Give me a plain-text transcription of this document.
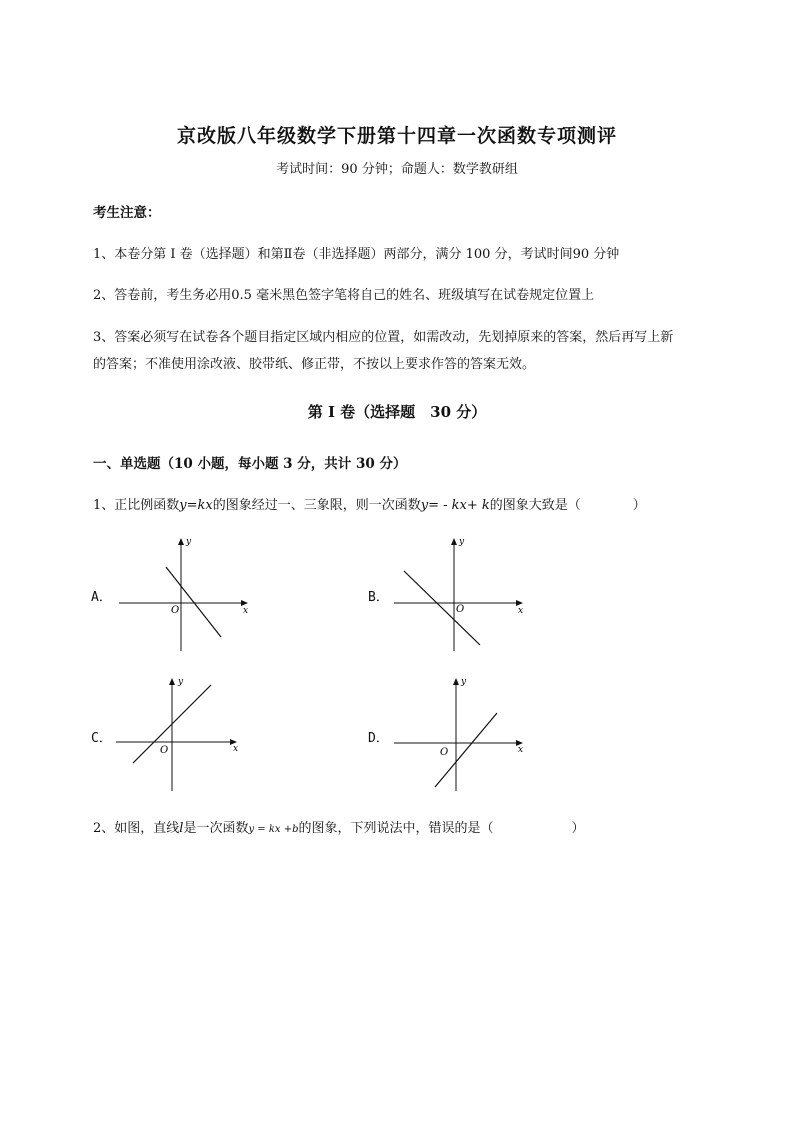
京改版八年级数学下册第十四章一次函数专项测评
考试时间：90 分钟；命题人：数学教研组
考生注意：
1、本卷分第 I 卷（选择题）和第Ⅱ卷（非选择题）两部分，满分 100 分，考试时间90 分钟
2、答卷前，考生务必用0.5 毫米黑色签字笔将自己的姓名、班级填写在试卷规定位置上
3、答案必须写在试卷各个题目指定区域内相应的位置，如需改动，先划掉原来的答案，然后再写上新
的答案；不准使用涂改液、胶带纸、修正带，不按以上要求作答的答案无效。
第 I 卷（选择题　30 分）
一、单选题（10 小题，每小题 3 分，共计 30 分）
1、正比例函数y=kx的图象经过一、三象限，则一次函数y= - kx+ k的图象大致是（　　　　）
A．
x
y
O
B．
x
y
O
C．
x
y
O
D．
x
y
O
2、如图，直线l是一次函数y = kx +b的图象，下列说法中，错误的是（　　　　　　）
